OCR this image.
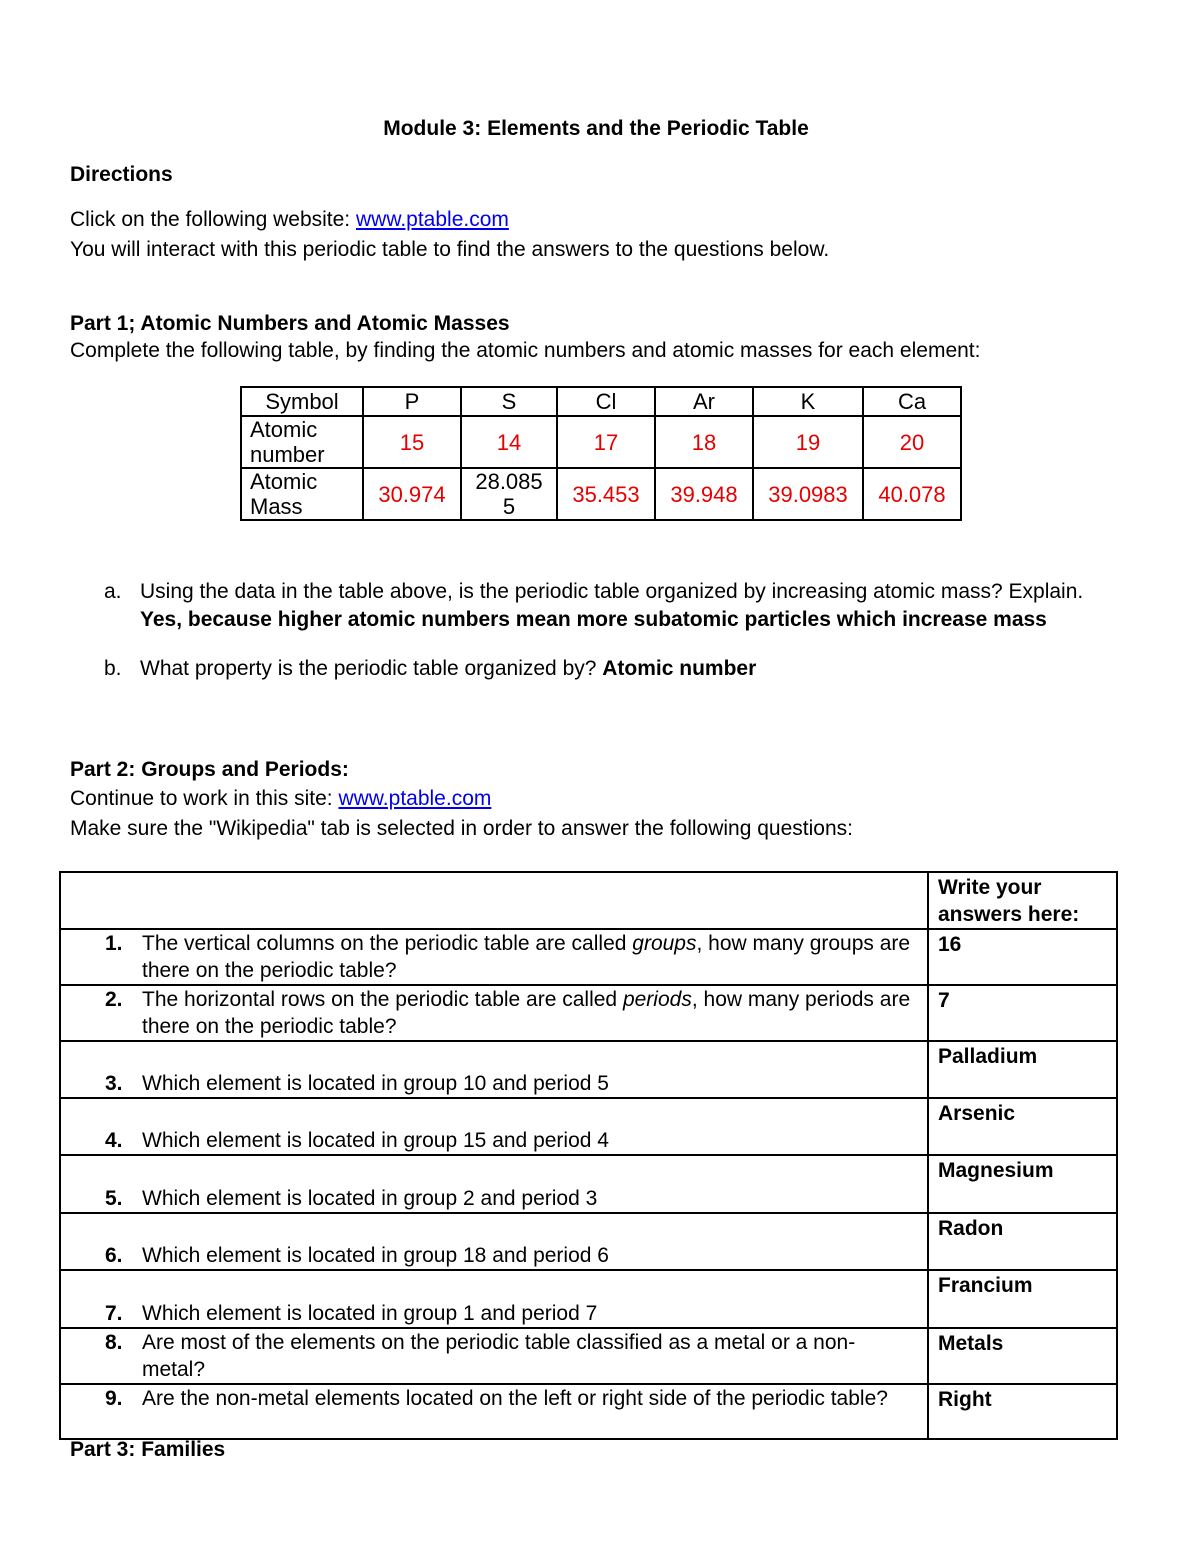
Module 3: Elements and the Periodic Table
Directions
Click on the following website: www.ptable.com
You will interact with this periodic table to find the answers to the questions below.
Part 1; Atomic Numbers and Atomic Masses
Complete the following table, by finding the atomic numbers and atomic masses for each element:
Symbol	P	S	Cl	Ar	K	Ca
Atomic number	15	14	17	18	19	20
Atomic Mass	30.974	28.0855	35.453	39.948	39.0983	40.078
a. Using the data in the table above, is the periodic table organized by increasing atomic mass? Explain. Yes, because higher atomic numbers mean more subatomic particles which increase mass
b. What property is the periodic table organized by? Atomic number
Part 2: Groups and Periods:
Continue to work in this site: www.ptable.com
Make sure the "Wikipedia" tab is selected in order to answer the following questions:
	Write your answers here:

1. The vertical columns on the periodic table are called groups, how many groups are there on the periodic table?	16

2. The horizontal rows on the periodic table are called periods, how many periods are there on the periodic table?	7

3. Which element is located in group 10 and period 5	Palladium

4. Which element is located in group 15 and period 4	Arsenic

5. Which element is located in group 2 and period 3	Magnesium

6. Which element is located in group 18 and period 6	Radon

7. Which element is located in group 1 and period 7	Francium

8. Are most of the elements on the periodic table classified as a metal or a non-metal?	Metals

9. Are the non-metal elements located on the left or right side of the periodic table?	Right
Part 3: Families
